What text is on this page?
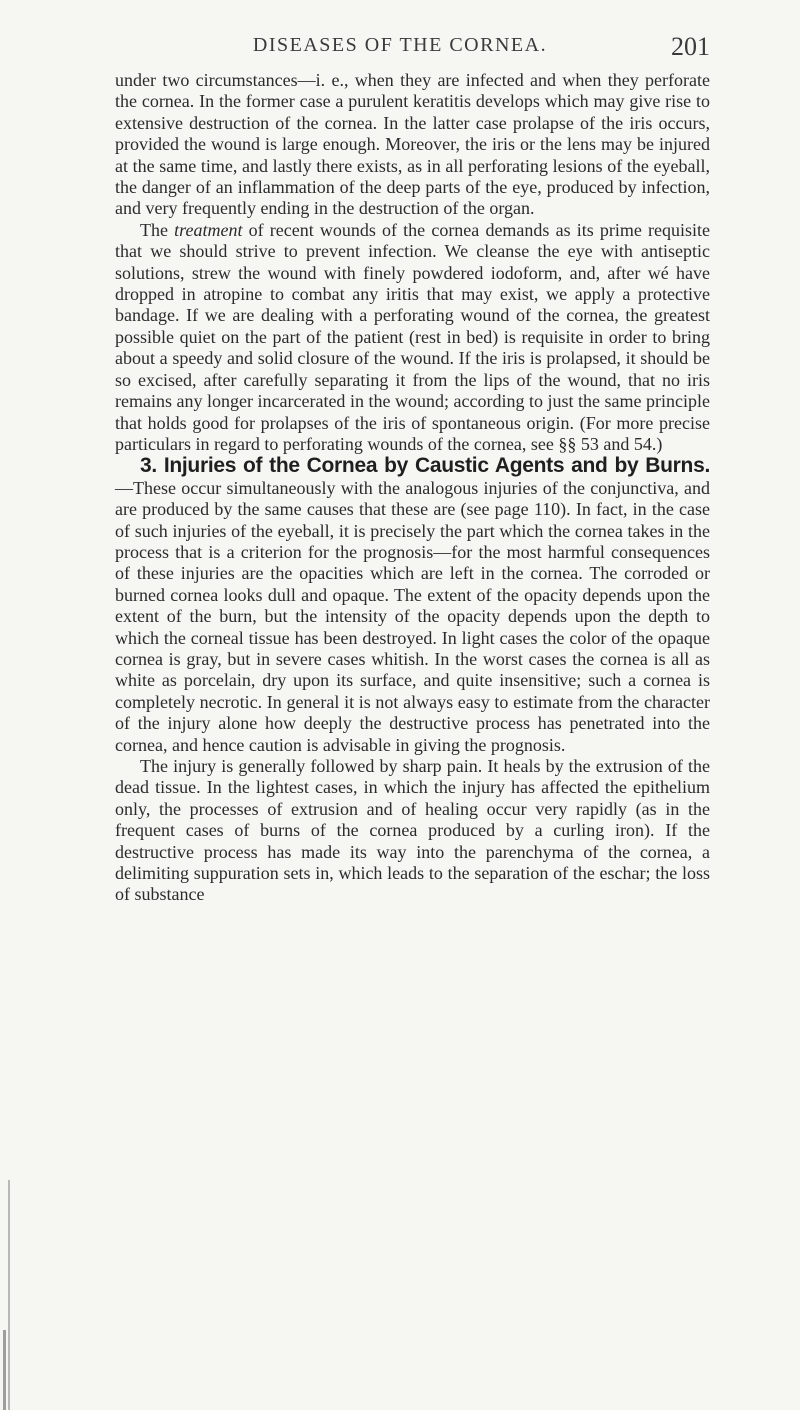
DISEASES OF THE CORNEA.	201

under two circumstances—i. e., when they are infected and when they perforate the cornea. In the former case a purulent keratitis develops which may give rise to extensive destruction of the cornea. In the latter case prolapse of the iris occurs, provided the wound is large enough. Moreover, the iris or the lens may be injured at the same time, and lastly there exists, as in all perforating lesions of the eyeball, the danger of an inflammation of the deep parts of the eye, produced by infection, and very frequently ending in the destruction of the organ.

The treatment of recent wounds of the cornea demands as its prime requisite that we should strive to prevent infection. We cleanse the eye with antiseptic solutions, strew the wound with finely powdered iodoform, and, after wé have dropped in atropine to combat any iritis that may exist, we apply a protective bandage. If we are dealing with a perforating wound of the cornea, the greatest possible quiet on the part of the patient (rest in bed) is requisite in order to bring about a speedy and solid closure of the wound. If the iris is prolapsed, it should be so excised, after carefully separating it from the lips of the wound, that no iris remains any longer incarcerated in the wound; according to just the same principle that holds good for prolapses of the iris of spontaneous origin. (For more precise particulars in regard to perforating wounds of the cornea, see §§ 53 and 54.)

3. Injuries of the Cornea by Caustic Agents and by Burns.—These occur simultaneously with the analogous injuries of the conjunctiva, and are produced by the same causes that these are (see page 110). In fact, in the case of such injuries of the eyeball, it is precisely the part which the cornea takes in the process that is a criterion for the prognosis—for the most harmful consequences of these injuries are the opacities which are left in the cornea. The corroded or burned cornea looks dull and opaque. The extent of the opacity depends upon the extent of the burn, but the intensity of the opacity depends upon the depth to which the corneal tissue has been destroyed. In light cases the color of the opaque cornea is gray, but in severe cases whitish. In the worst cases the cornea is all as white as porcelain, dry upon its surface, and quite insensitive; such a cornea is completely necrotic. In general it is not always easy to estimate from the character of the injury alone how deeply the destructive process has penetrated into the cornea, and hence caution is advisable in giving the prognosis.

The injury is generally followed by sharp pain. It heals by the extrusion of the dead tissue. In the lightest cases, in which the injury has affected the epithelium only, the processes of extrusion and of healing occur very rapidly (as in the frequent cases of burns of the cornea produced by a curling iron). If the destructive process has made its way into the parenchyma of the cornea, a delimiting suppuration sets in, which leads to the separation of the eschar; the loss of substance
